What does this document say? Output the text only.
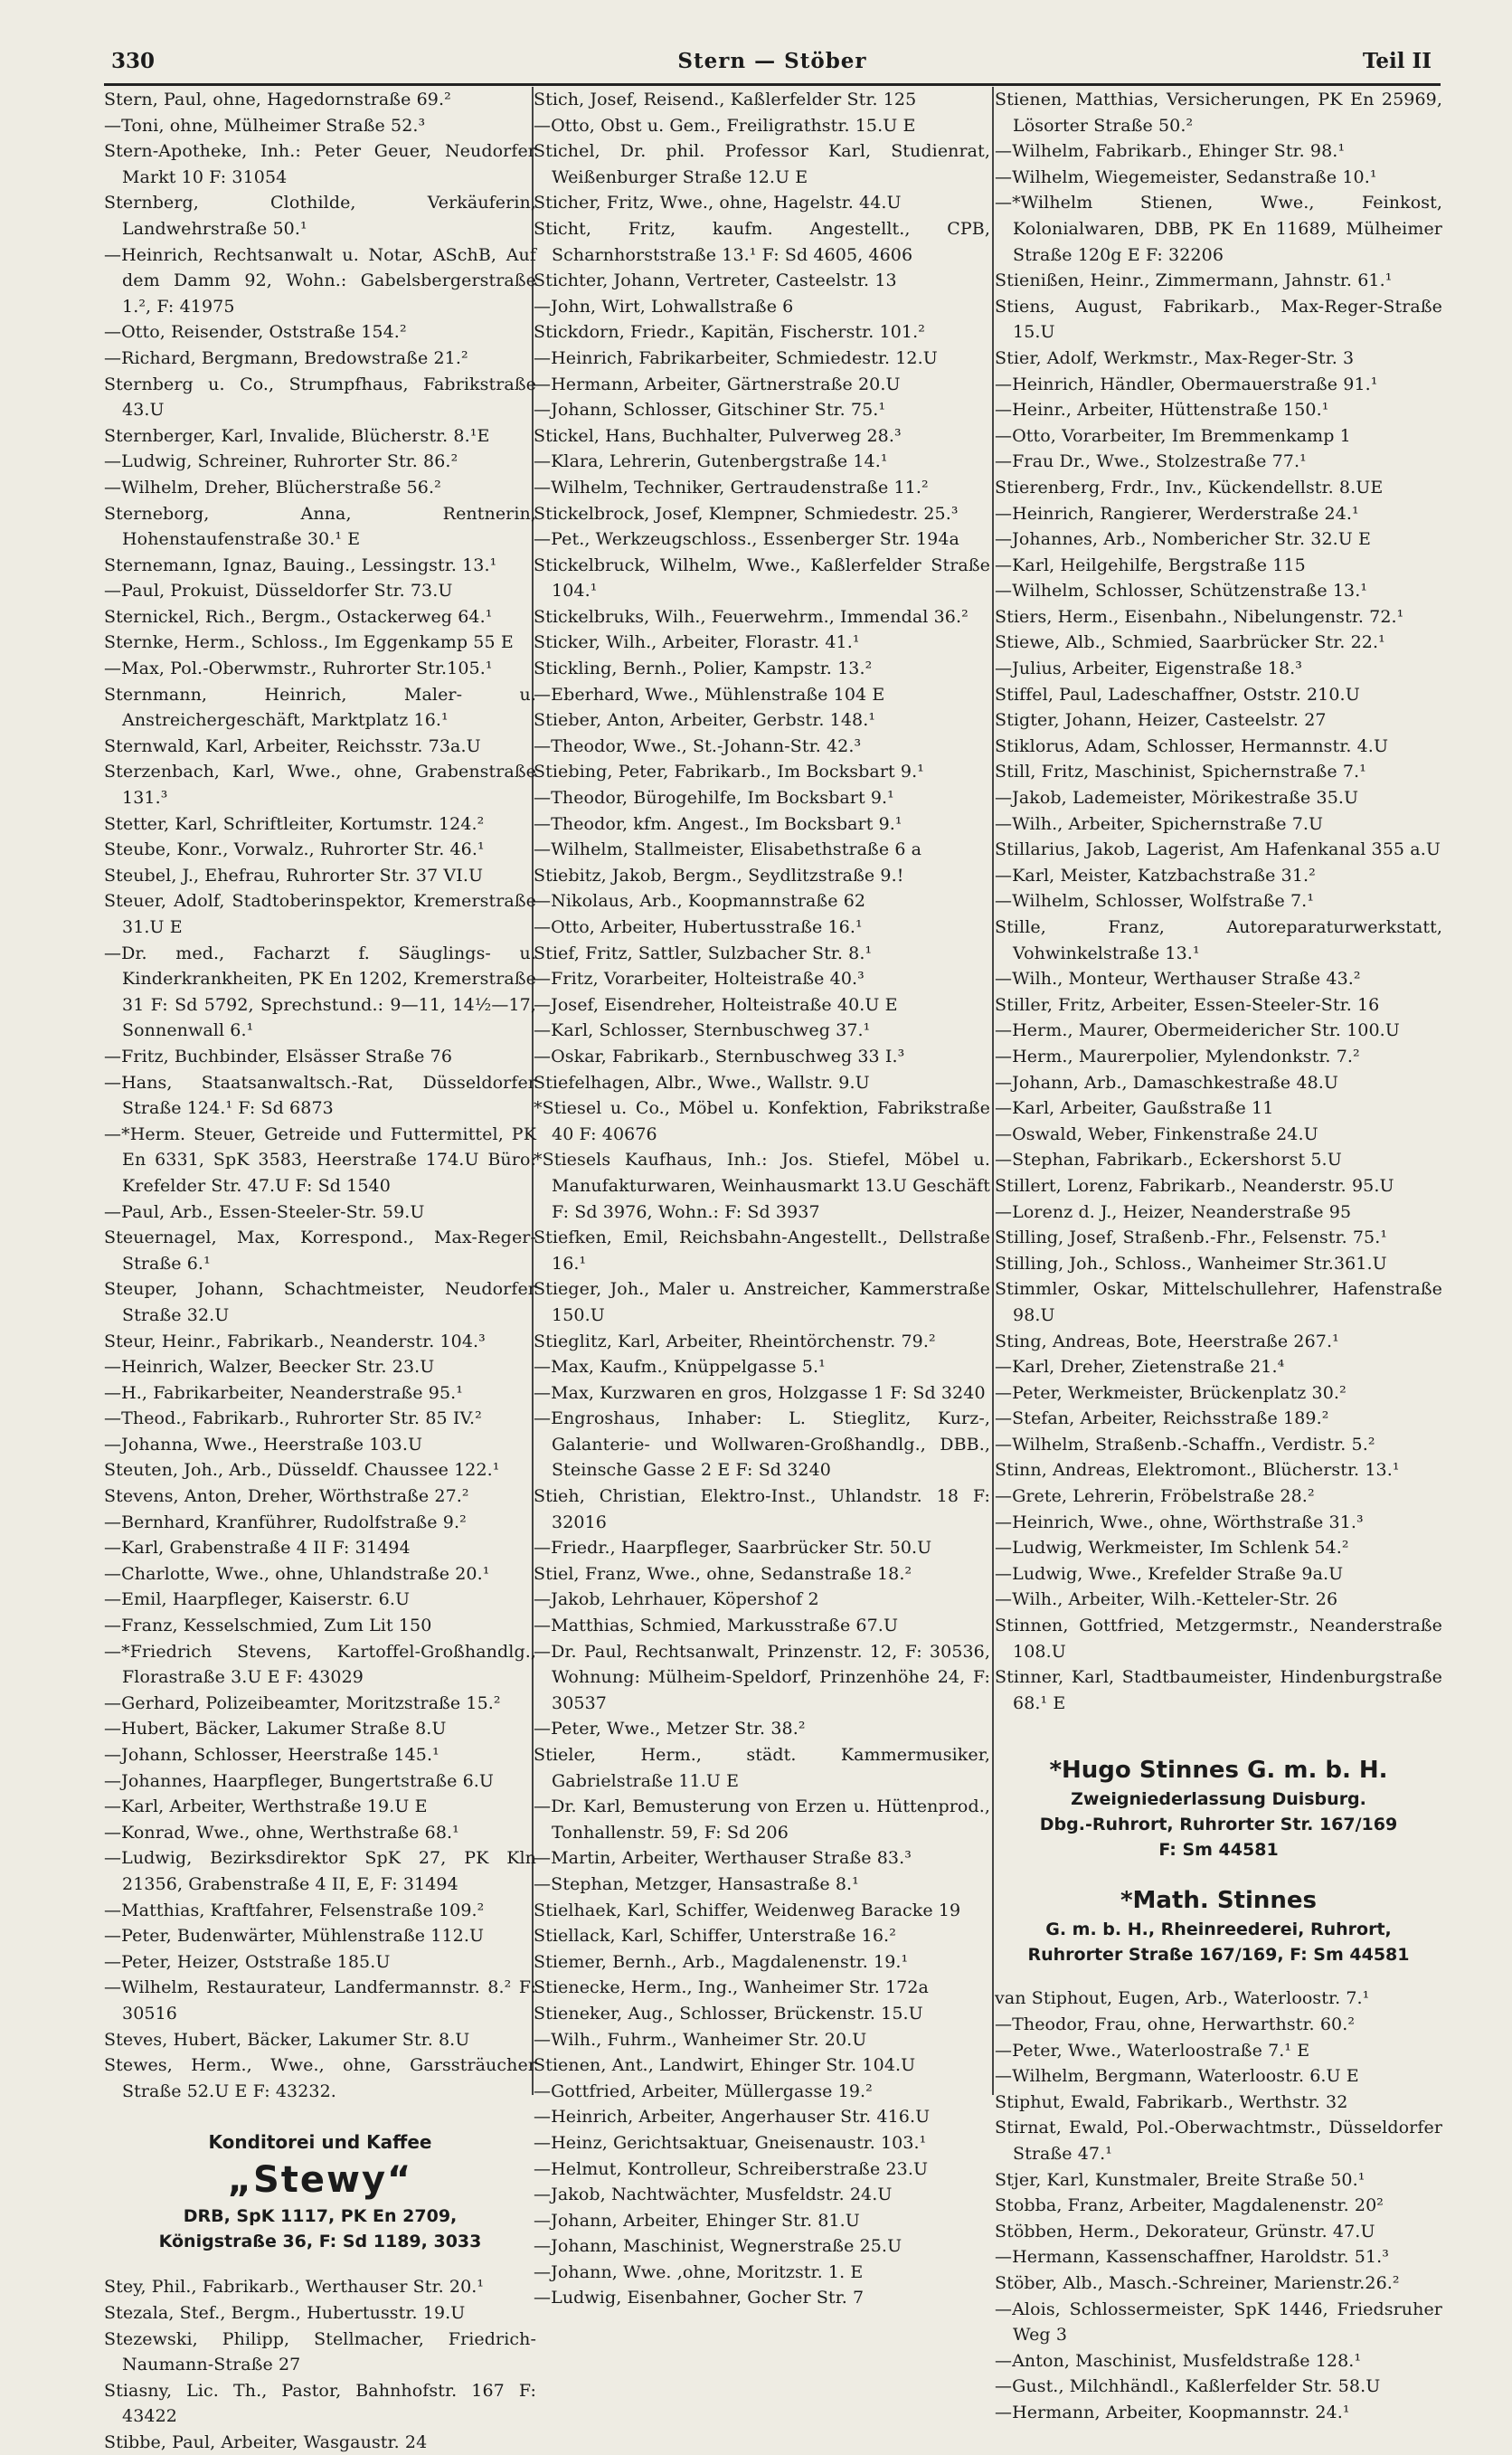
330	Stern — Stöber	Teil II
Stern, Paul, ohne, Hagedornstraße 69.²
—Toni, ohne, Mülheimer Straße 52.³
Stern-Apotheke, Inh.: Peter Geuer, Neudorfer Markt 10 F: 31054
Sternberg, Clothilde, Verkäuferin, Landwehrstraße 50.¹
—Heinrich, Rechtsanwalt u. Notar, ASchB, Auf dem Damm 92, Wohn.: Gabelsbergerstraße 1.², F: 41975
—Otto, Reisender, Oststraße 154.²
—Richard, Bergmann, Bredowstraße 21.²
Sternberg u. Co., Strumpfhaus, Fabrikstraße 43.U
Sternberger, Karl, Invalide, Blücherstr. 8.¹E
—Ludwig, Schreiner, Ruhrorter Str. 86.²
—Wilhelm, Dreher, Blücherstraße 56.²
Sterneborg, Anna, Rentnerin, Hohenstaufenstraße 30.¹ E
Sternemann, Ignaz, Bauing., Lessingstr. 13.¹
—Paul, Prokuist, Düsseldorfer Str. 73.U
Sternickel, Rich., Bergm., Ostackerweg 64.¹
Sternke, Herm., Schloss., Im Eggenkamp 55 E
—Max, Pol.-Oberwmstr., Ruhrorter Str.105.¹
Sternmann, Heinrich, Maler- u. Anstreichergeschäft, Marktplatz 16.¹
Sternwald, Karl, Arbeiter, Reichsstr. 73a.U
Sterzenbach, Karl, Wwe., ohne, Grabenstraße 131.³
Stetter, Karl, Schriftleiter, Kortumstr. 124.²
Steube, Konr., Vorwalz., Ruhrorter Str. 46.¹
Steubel, J., Ehefrau, Ruhrorter Str. 37 VI.U
Steuer, Adolf, Stadtoberinspektor, Kremerstraße 31.U E
—Dr. med., Facharzt f. Säuglings- u. Kinderkrankheiten, PK En 1202, Kremerstraße 31 F: Sd 5792, Sprechstund.: 9—11, 14½—17, Sonnenwall 6.¹
—Fritz, Buchbinder, Elsässer Straße 76
—Hans, Staatsanwaltsch.-Rat, Düsseldorfer Straße 124.¹ F: Sd 6873
—*Herm. Steuer, Getreide und Futtermittel, PK En 6331, SpK 3583, Heerstraße 174.U Büro: Krefelder Str. 47.U F: Sd 1540
—Paul, Arb., Essen-Steeler-Str. 59.U
Steuernagel, Max, Korrespond., Max-Reger-Straße 6.¹
Steuper, Johann, Schachtmeister, Neudorfer Straße 32.U
Steur, Heinr., Fabrikarb., Neanderstr. 104.³
—Heinrich, Walzer, Beecker Str. 23.U
—H., Fabrikarbeiter, Neanderstraße 95.¹
—Theod., Fabrikarb., Ruhrorter Str. 85 IV.²
—Johanna, Wwe., Heerstraße 103.U
Steuten, Joh., Arb., Düsseldf. Chaussee 122.¹
Stevens, Anton, Dreher, Wörthstraße 27.²
—Bernhard, Kranführer, Rudolfstraße 9.²
—Karl, Grabenstraße 4 II F: 31494
—Charlotte, Wwe., ohne, Uhlandstraße 20.¹
—Emil, Haarpfleger, Kaiserstr. 6.U
—Franz, Kesselschmied, Zum Lit 150
—*Friedrich Stevens, Kartoffel-Großhandlg., Florastraße 3.U E F: 43029
—Gerhard, Polizeibeamter, Moritzstraße 15.²
—Hubert, Bäcker, Lakumer Straße 8.U
—Johann, Schlosser, Heerstraße 145.¹
—Johannes, Haarpfleger, Bungertstraße 6.U
—Karl, Arbeiter, Werthstraße 19.U E
—Konrad, Wwe., ohne, Werthstraße 68.¹
—Ludwig, Bezirksdirektor SpK 27, PK Kln 21356, Grabenstraße 4 II, E, F: 31494
—Matthias, Kraftfahrer, Felsenstraße 109.²
—Peter, Budenwärter, Mühlenstraße 112.U
—Peter, Heizer, Oststraße 185.U
—Wilhelm, Restaurateur, Landfermannstr. 8.² F: 30516
Steves, Hubert, Bäcker, Lakumer Str. 8.U
Stewes, Herm., Wwe., ohne, Garssträucher Straße 52.U E F: 43232.
Konditorei und Kaffee
„Stewy“
DRB, SpK 1117, PK En 2709,
Königstraße 36, F: Sd 1189, 3033
Stey, Phil., Fabrikarb., Werthauser Str. 20.¹
Stezala, Stef., Bergm., Hubertusstr. 19.U
Stezewski, Philipp, Stellmacher, Friedrich-Naumann-Straße 27
Stiasny, Lic. Th., Pastor, Bahnhofstr. 167 F: 43422
Stibbe, Paul, Arbeiter, Wasgaustr. 24
Stich, Josef, Reisend., Kaßlerfelder Str. 125
—Otto, Obst u. Gem., Freiligrathstr. 15.U E
Stichel, Dr. phil. Professor Karl, Studienrat, Weißenburger Straße 12.U E
Sticher, Fritz, Wwe., ohne, Hagelstr. 44.U
Sticht, Fritz, kaufm. Angestellt., CPB, Scharnhorststraße 13.¹ F: Sd 4605, 4606
Stichter, Johann, Vertreter, Casteelstr. 13
—John, Wirt, Lohwallstraße 6
Stickdorn, Friedr., Kapitän, Fischerstr. 101.²
—Heinrich, Fabrikarbeiter, Schmiedestr. 12.U
—Hermann, Arbeiter, Gärtnerstraße 20.U
—Johann, Schlosser, Gitschiner Str. 75.¹
Stickel, Hans, Buchhalter, Pulverweg 28.³
—Klara, Lehrerin, Gutenbergstraße 14.¹
—Wilhelm, Techniker, Gertraudenstraße 11.²
Stickelbrock, Josef, Klempner, Schmiedestr. 25.³
—Pet., Werkzeugschloss., Essenberger Str. 194a
Stickelbruck, Wilhelm, Wwe., Kaßlerfelder Straße 104.¹
Stickelbruks, Wilh., Feuerwehrm., Immendal 36.²
Sticker, Wilh., Arbeiter, Florastr. 41.¹
Stickling, Bernh., Polier, Kampstr. 13.²
—Eberhard, Wwe., Mühlenstraße 104 E
Stieber, Anton, Arbeiter, Gerbstr. 148.¹
—Theodor, Wwe., St.-Johann-Str. 42.³
Stiebing, Peter, Fabrikarb., Im Bocksbart 9.¹
—Theodor, Bürogehilfe, Im Bocksbart 9.¹
—Theodor, kfm. Angest., Im Bocksbart 9.¹
—Wilhelm, Stallmeister, Elisabethstraße 6 a
Stiebitz, Jakob, Bergm., Seydlitzstraße 9.!
—Nikolaus, Arb., Koopmannstraße 62
—Otto, Arbeiter, Hubertusstraße 16.¹
Stief, Fritz, Sattler, Sulzbacher Str. 8.¹
—Fritz, Vorarbeiter, Holteistraße 40.³
—Josef, Eisendreher, Holteistraße 40.U E
—Karl, Schlosser, Sternbuschweg 37.¹
—Oskar, Fabrikarb., Sternbuschweg 33 I.³
Stiefelhagen, Albr., Wwe., Wallstr. 9.U
*Stiesel u. Co., Möbel u. Konfektion, Fabrikstraße 40 F: 40676
*Stiesels Kaufhaus, Inh.: Jos. Stiefel, Möbel u. Manufakturwaren, Weinhausmarkt 13.U Geschäft F: Sd 3976, Wohn.: F: Sd 3937
Stiefken, Emil, Reichsbahn-Angestellt., Dellstraße 16.¹
Stieger, Joh., Maler u. Anstreicher, Kammerstraße 150.U
Stieglitz, Karl, Arbeiter, Rheintörchenstr. 79.²
—Max, Kaufm., Knüppelgasse 5.¹
—Max, Kurzwaren en gros, Holzgasse 1 F: Sd 3240
—Engroshaus, Inhaber: L. Stieglitz, Kurz-, Galanterie- und Wollwaren-Großhandlg., DBB., Steinsche Gasse 2 E F: Sd 3240
Stieh, Christian, Elektro-Inst., Uhlandstr. 18 F: 32016
—Friedr., Haarpfleger, Saarbrücker Str. 50.U
Stiel, Franz, Wwe., ohne, Sedanstraße 18.²
—Jakob, Lehrhauer, Köpershof 2
—Matthias, Schmied, Markusstraße 67.U
—Dr. Paul, Rechtsanwalt, Prinzenstr. 12, F: 30536, Wohnung: Mülheim-Speldorf, Prinzenhöhe 24, F: 30537
—Peter, Wwe., Metzer Str. 38.²
Stieler, Herm., städt. Kammermusiker, Gabrielstraße 11.U E
—Dr. Karl, Bemusterung von Erzen u. Hüttenprod., Tonhallenstr. 59, F: Sd 206
—Martin, Arbeiter, Werthauser Straße 83.³
—Stephan, Metzger, Hansastraße 8.¹
Stielhaek, Karl, Schiffer, Weidenweg Baracke 19
Stiellack, Karl, Schiffer, Unterstraße 16.²
Stiemer, Bernh., Arb., Magdalenenstr. 19.¹
Stienecke, Herm., Ing., Wanheimer Str. 172a
Stieneker, Aug., Schlosser, Brückenstr. 15.U
—Wilh., Fuhrm., Wanheimer Str. 20.U
Stienen, Ant., Landwirt, Ehinger Str. 104.U
—Gottfried, Arbeiter, Müllergasse 19.²
—Heinrich, Arbeiter, Angerhauser Str. 416.U
—Heinz, Gerichtsaktuar, Gneisenaustr. 103.¹
—Helmut, Kontrolleur, Schreiberstraße 23.U
—Jakob, Nachtwächter, Musfeldstr. 24.U
—Johann, Arbeiter, Ehinger Str. 81.U
—Johann, Maschinist, Wegnerstraße 25.U
—Johann, Wwe. ,ohne, Moritzstr. 1. E
—Ludwig, Eisenbahner, Gocher Str. 7
Stienen, Matthias, Versicherungen, PK En 25969, Lösorter Straße 50.²
—Wilhelm, Fabrikarb., Ehinger Str. 98.¹
—Wilhelm, Wiegemeister, Sedanstraße 10.¹
—*Wilhelm Stienen, Wwe., Feinkost, Kolonialwaren, DBB, PK En 11689, Mülheimer Straße 120g E F: 32206
Stienißen, Heinr., Zimmermann, Jahnstr. 61.¹
Stiens, August, Fabrikarb., Max-Reger-Straße 15.U
Stier, Adolf, Werkmstr., Max-Reger-Str. 3
—Heinrich, Händler, Obermauerstraße 91.¹
—Heinr., Arbeiter, Hüttenstraße 150.¹
—Otto, Vorarbeiter, Im Bremmenkamp 1
—Frau Dr., Wwe., Stolzestraße 77.¹
Stierenberg, Frdr., Inv., Kückendellstr. 8.UE
—Heinrich, Rangierer, Werderstraße 24.¹
—Johannes, Arb., Nombericher Str. 32.U E
—Karl, Heilgehilfe, Bergstraße 115
—Wilhelm, Schlosser, Schützenstraße 13.¹
Stiers, Herm., Eisenbahn., Nibelungenstr. 72.¹
Stiewe, Alb., Schmied, Saarbrücker Str. 22.¹
—Julius, Arbeiter, Eigenstraße 18.³
Stiffel, Paul, Ladeschaffner, Oststr. 210.U
Stigter, Johann, Heizer, Casteelstr. 27
Stiklorus, Adam, Schlosser, Hermannstr. 4.U
Still, Fritz, Maschinist, Spichernstraße 7.¹
—Jakob, Lademeister, Mörikestraße 35.U
—Wilh., Arbeiter, Spichernstraße 7.U
Stillarius, Jakob, Lagerist, Am Hafenkanal 355 a.U
—Karl, Meister, Katzbachstraße 31.²
—Wilhelm, Schlosser, Wolfstraße 7.¹
Stille, Franz, Autoreparaturwerkstatt, Vohwinkelstraße 13.¹
—Wilh., Monteur, Werthauser Straße 43.²
Stiller, Fritz, Arbeiter, Essen-Steeler-Str. 16
—Herm., Maurer, Obermeidericher Str. 100.U
—Herm., Maurerpolier, Mylendonkstr. 7.²
—Johann, Arb., Damaschkestraße 48.U
—Karl, Arbeiter, Gaußstraße 11
—Oswald, Weber, Finkenstraße 24.U
—Stephan, Fabrikarb., Eckershorst 5.U
Stillert, Lorenz, Fabrikarb., Neanderstr. 95.U
—Lorenz d. J., Heizer, Neanderstraße 95
Stilling, Josef, Straßenb.-Fhr., Felsenstr. 75.¹
Stilling, Joh., Schloss., Wanheimer Str.361.U
Stimmler, Oskar, Mittelschullehrer, Hafenstraße 98.U
Sting, Andreas, Bote, Heerstraße 267.¹
—Karl, Dreher, Zietenstraße 21.⁴
—Peter, Werkmeister, Brückenplatz 30.²
—Stefan, Arbeiter, Reichsstraße 189.²
—Wilhelm, Straßenb.-Schaffn., Verdistr. 5.²
Stinn, Andreas, Elektromont., Blücherstr. 13.¹
—Grete, Lehrerin, Fröbelstraße 28.²
—Heinrich, Wwe., ohne, Wörthstraße 31.³
—Ludwig, Werkmeister, Im Schlenk 54.²
—Ludwig, Wwe., Krefelder Straße 9a.U
—Wilh., Arbeiter, Wilh.-Ketteler-Str. 26
Stinnen, Gottfried, Metzgermstr., Neanderstraße 108.U
Stinner, Karl, Stadtbaumeister, Hindenburgstraße 68.¹ E
*Hugo Stinnes G. m. b. H.
Zweigniederlassung Duisburg.
Dbg.-Ruhrort, Ruhrorter Str. 167/169
F: Sm 44581
*Math. Stinnes
G. m. b. H., Rheinreederei, Ruhrort,
Ruhrorter Straße 167/169, F: Sm 44581
van Stiphout, Eugen, Arb., Waterloostr. 7.¹
—Theodor, Frau, ohne, Herwarthstr. 60.²
—Peter, Wwe., Waterloostraße 7.¹ E
—Wilhelm, Bergmann, Waterloostr. 6.U E
Stiphut, Ewald, Fabrikarb., Werthstr. 32
Stirnat, Ewald, Pol.-Oberwachtmstr., Düsseldorfer Straße 47.¹
Stjer, Karl, Kunstmaler, Breite Straße 50.¹
Stobba, Franz, Arbeiter, Magdalenenstr. 20²
Stöbben, Herm., Dekorateur, Grünstr. 47.U
—Hermann, Kassenschaffner, Haroldstr. 51.³
Stöber, Alb., Masch.-Schreiner, Marienstr.26.²
—Alois, Schlossermeister, SpK 1446, Friedsruher Weg 3
—Anton, Maschinist, Musfeldstraße 128.¹
—Gust., Milchhändl., Kaßlerfelder Str. 58.U
—Hermann, Arbeiter, Koopmannstr. 24.¹
